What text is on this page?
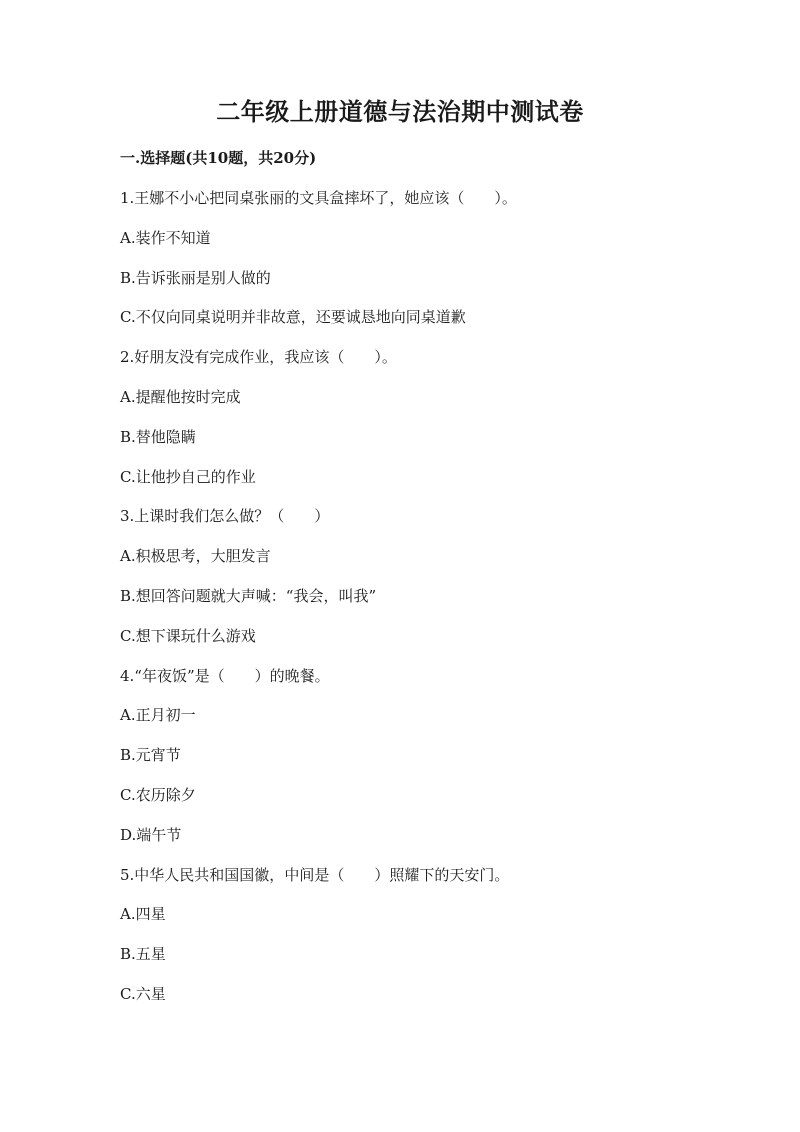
二年级上册道德与法治期中测试卷
一.选择题(共10题，共20分)
1.王娜不小心把同桌张丽的文具盒摔坏了，她应该（　　）。
A.装作不知道
B.告诉张丽是别人做的
C.不仅向同桌说明并非故意，还要诚恳地向同桌道歉
2.好朋友没有完成作业，我应该（　　）。
A.提醒他按时完成
B.替他隐瞒
C.让他抄自己的作业
3.上课时我们怎么做？（　　）
A.积极思考，大胆发言
B.想回答问题就大声喊：“我会，叫我”
C.想下课玩什么游戏
4.“年夜饭”是（　　）的晚餐。
A.正月初一
B.元宵节
C.农历除夕
D.端午节
5.中华人民共和国国徽，中间是（　　）照耀下的天安门。
A.四星
B.五星
C.六星
